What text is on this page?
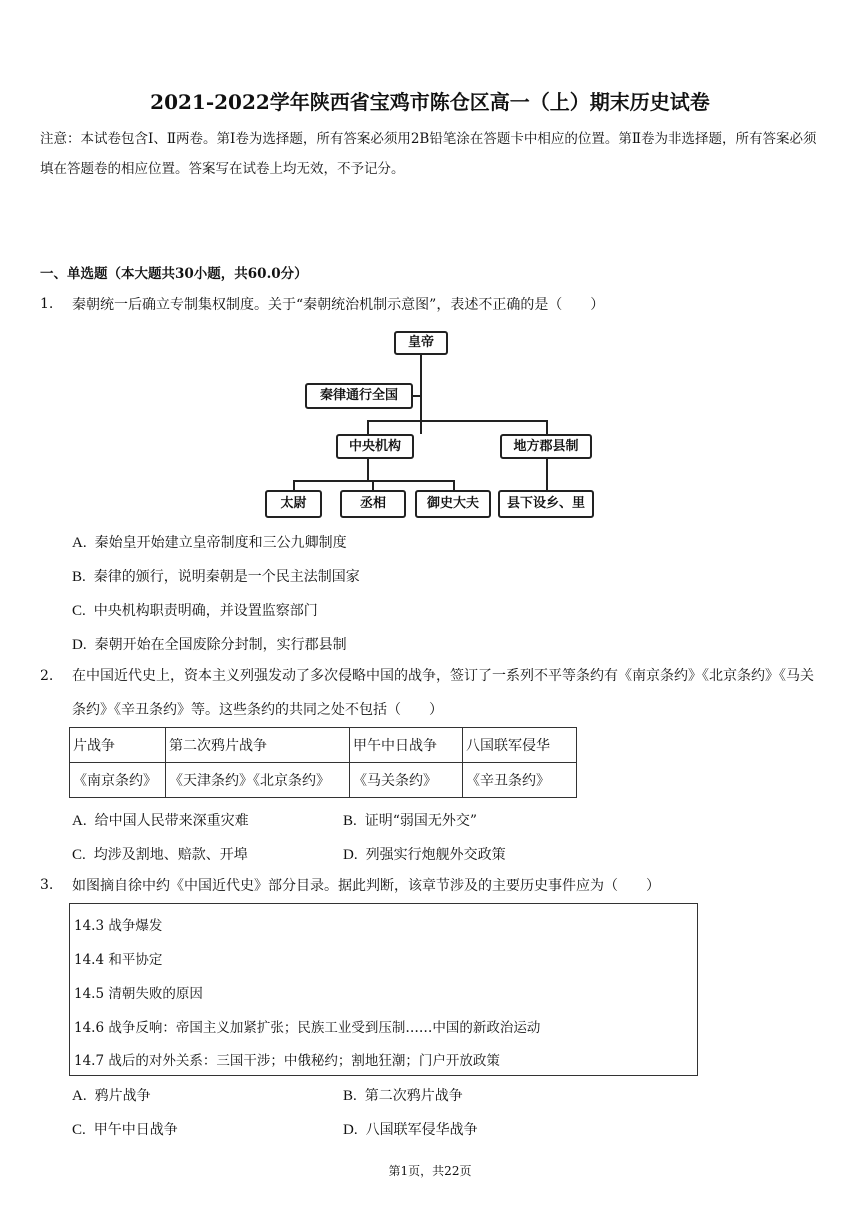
2021-2022学年陕西省宝鸡市陈仓区高一（上）期末历史试卷
注意：本试卷包含Ⅰ、Ⅱ两卷。第Ⅰ卷为选择题，所有答案必须用2B铅笔涂在答题卡中相应的位置。第Ⅱ卷为非选择题，所有答案必须填在答题卷的相应位置。答案写在试卷上均无效，不予记分。
一、单选题（本大题共30小题，共60.0分）
1. 秦朝统一后确立专制集权制度。关于“秦朝统治机制示意图”，表述不正确的是（　　）
皇帝
秦律通行全国
中央机构	地方郡县制
太尉	丞相	御史大夫	县下设乡、里
A. 秦始皇开始建立皇帝制度和三公九卿制度
B. 秦律的颁行，说明秦朝是一个民主法制国家
C. 中央机构职责明确，并设置监察部门
D. 秦朝开始在全国废除分封制，实行郡县制
2. 在中国近代史上，资本主义列强发动了多次侵略中国的战争，签订了一系列不平等条约有《南京条约》《北京条约》《马关条约》《辛丑条约》等。这些条约的共同之处不包括（　　）
片战争	第二次鸦片战争	甲午中日战争	八国联军侵华
《南京条约》	《天津条约》《北京条约》	《马关条约》	《辛丑条约》
A. 给中国人民带来深重灾难	B. 证明“弱国无外交”
C. 均涉及割地、赔款、开埠	D. 列强实行炮舰外交政策
3. 如图摘自徐中约《中国近代史》部分目录。据此判断，该章节涉及的主要历史事件应为（　　）
14.3 战争爆发
14.4 和平协定
14.5 清朝失败的原因
14.6 战争反响：帝国主义加紧扩张；民族工业受到压制……中国的新政治运动
14.7 战后的对外关系：三国干涉；中俄秘约；割地狂潮；门户开放政策
A. 鸦片战争	B. 第二次鸦片战争
C. 甲午中日战争	D. 八国联军侵华战争
第1页，共22页
